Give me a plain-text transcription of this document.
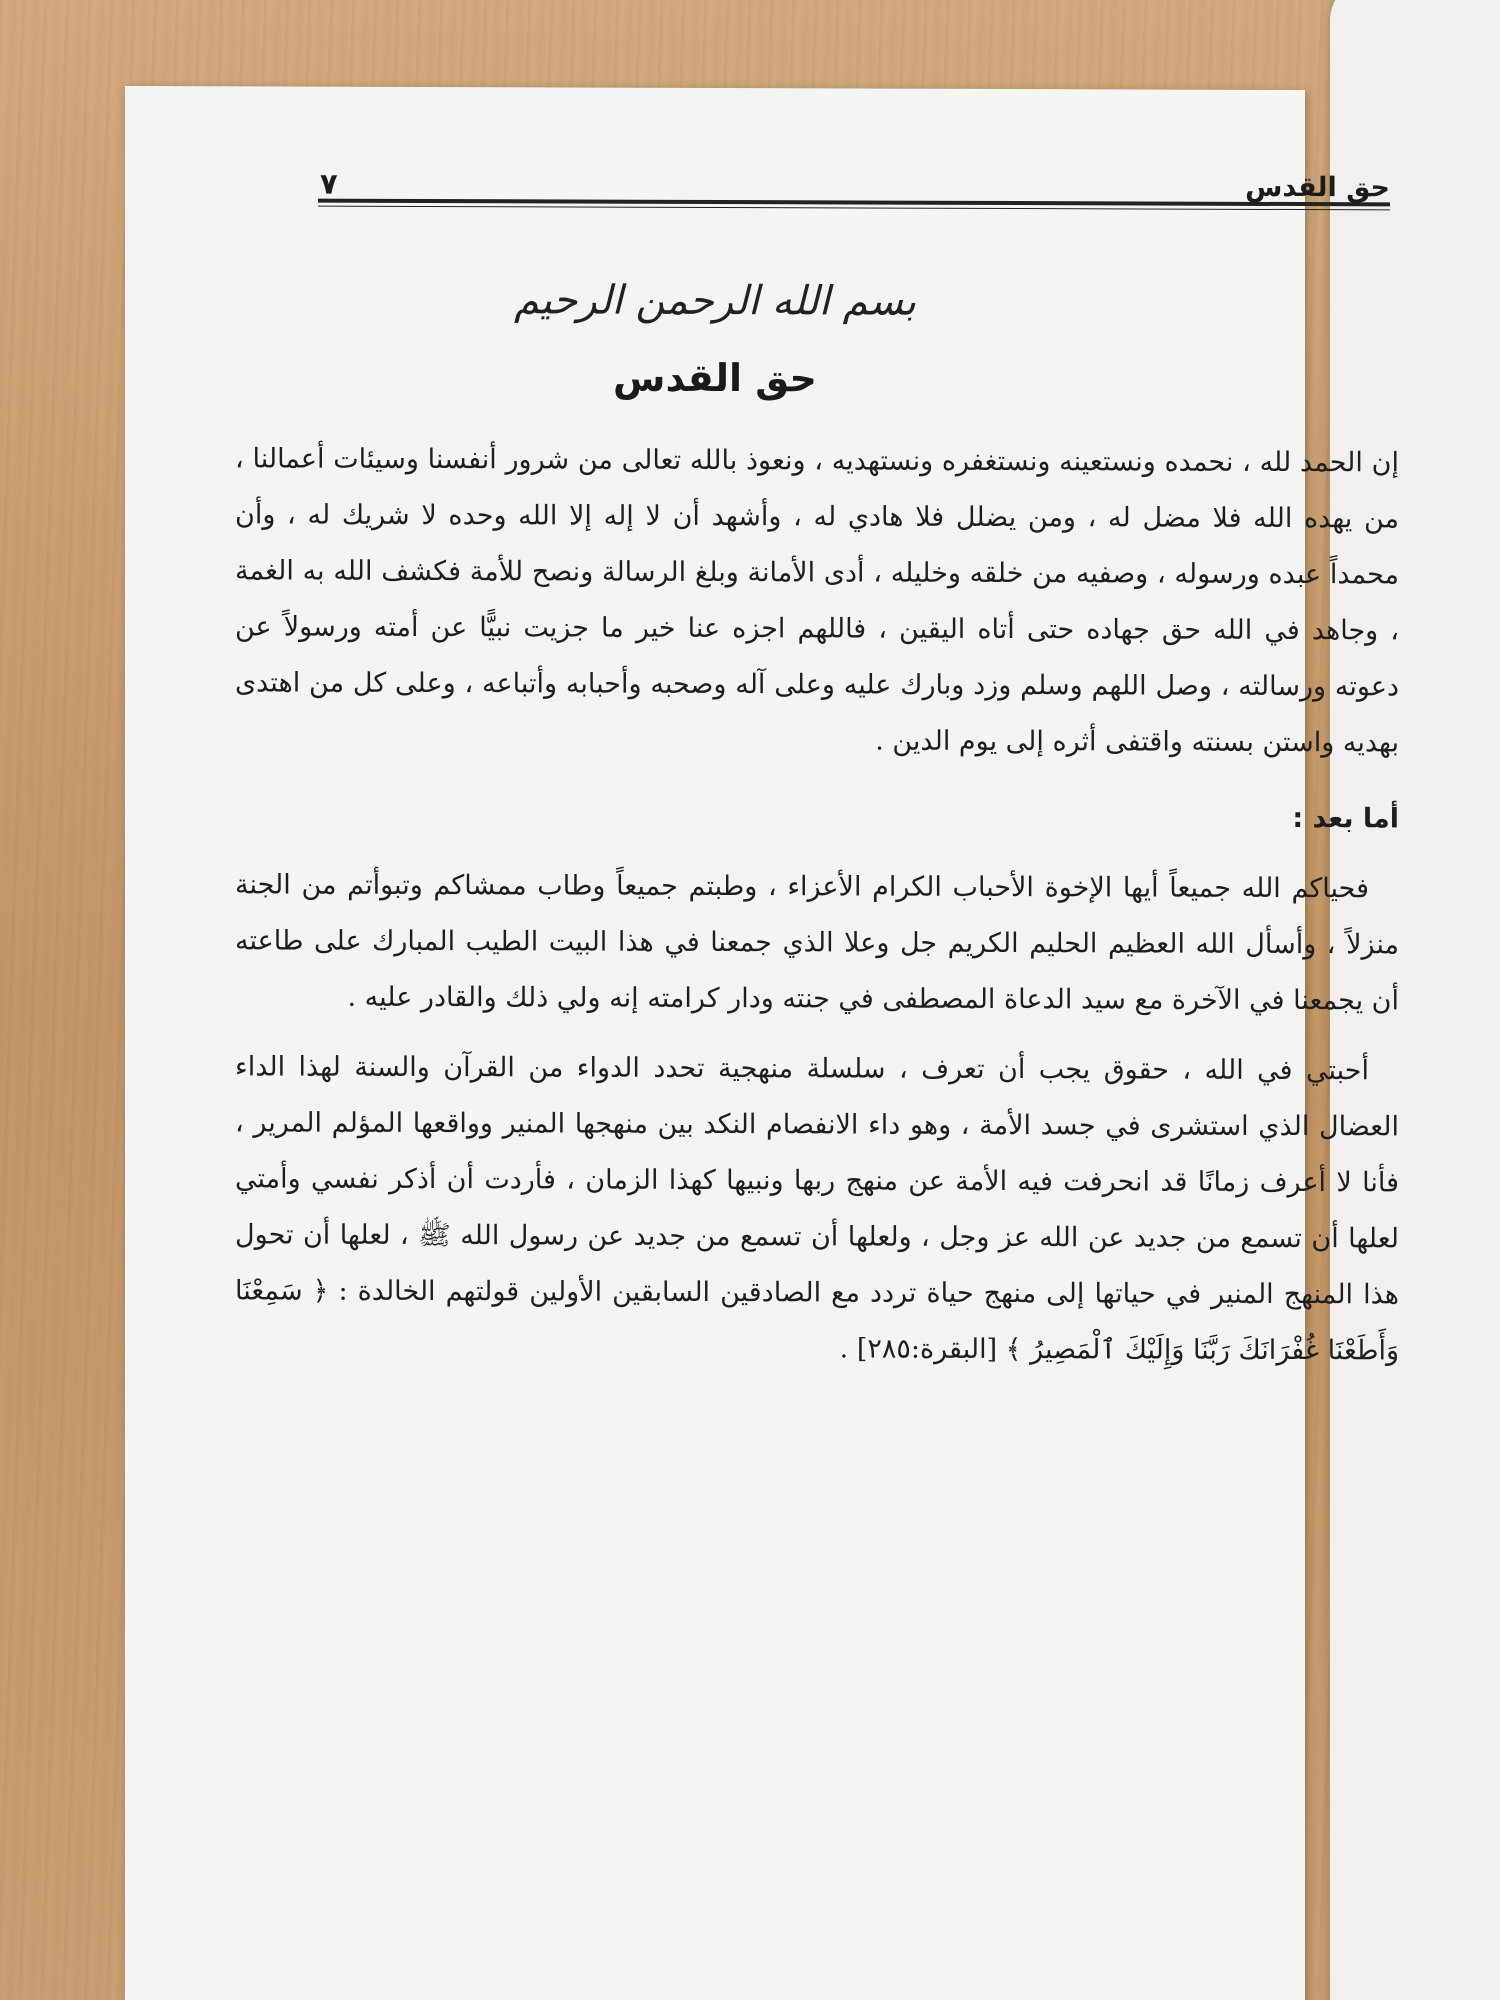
حق القدس
٧
بسم الله الرحمن الرحيم
حق القدس

إن الحمد لله ، نحمده ونستعينه ونستغفره ونستهديه ، ونعوذ بالله تعالى من شرور أنفسنا وسيئات أعمالنا ، من يهده الله فلا مضل له ، ومن يضلل فلا هادي له ، وأشهد أن لا إله إلا الله وحده لا شريك له ، وأن محمداً عبده ورسوله ، وصفيه من خلقه وخليله ، أدى الأمانة وبلغ الرسالة ونصح للأمة فكشف الله به الغمة ، وجاهد في الله حق جهاده حتى أتاه اليقين ، فاللهم اجزه عنا خير ما جزيت نبيًّا عن أمته ورسولاً عن دعوته ورسالته ، وصل اللهم وسلم وزد وبارك عليه وعلى آله وصحبه وأحبابه وأتباعه ، وعلى كل من اهتدى بهديه واستن بسنته واقتفى أثره إلى يوم الدين .

أما بعد :

فحياكم الله جميعاً أيها الإخوة الأحباب الكرام الأعزاء ، وطبتم جميعاً وطاب ممشاكم وتبوأتم من الجنة منزلاً ، وأسأل الله العظيم الحليم الكريم جل وعلا الذي جمعنا في هذا البيت الطيب المبارك على طاعته أن يجمعنا في الآخرة مع سيد الدعاة المصطفى في جنته ودار كرامته إنه ولي ذلك والقادر عليه .

أحبتي في الله ، حقوق يجب أن تعرف ، سلسلة منهجية تحدد الدواء من القرآن والسنة لهذا الداء العضال الذي استشرى في جسد الأمة ، وهو داء الانفصام النكد بين منهجها المنير وواقعها المؤلم المرير ، فأنا لا أعرف زمانًا قد انحرفت فيه الأمة عن منهج ربها ونبيها كهذا الزمان ، فأردت أن أذكر نفسي وأمتي لعلها أن تسمع من جديد عن الله عز وجل ، ولعلها أن تسمع من جديد عن رسول الله ﷺ ، لعلها أن تحول هذا المنهج المنير في حياتها إلى منهج حياة تردد مع الصادقين السابقين الأولين قولتهم الخالدة : ﴿ سَمِعْنَا وَأَطَعْنَا غُفْرَانَكَ رَبَّنَا وَإِلَيْكَ ٱلْمَصِيرُ ﴾ [البقرة:٢٨٥] .
